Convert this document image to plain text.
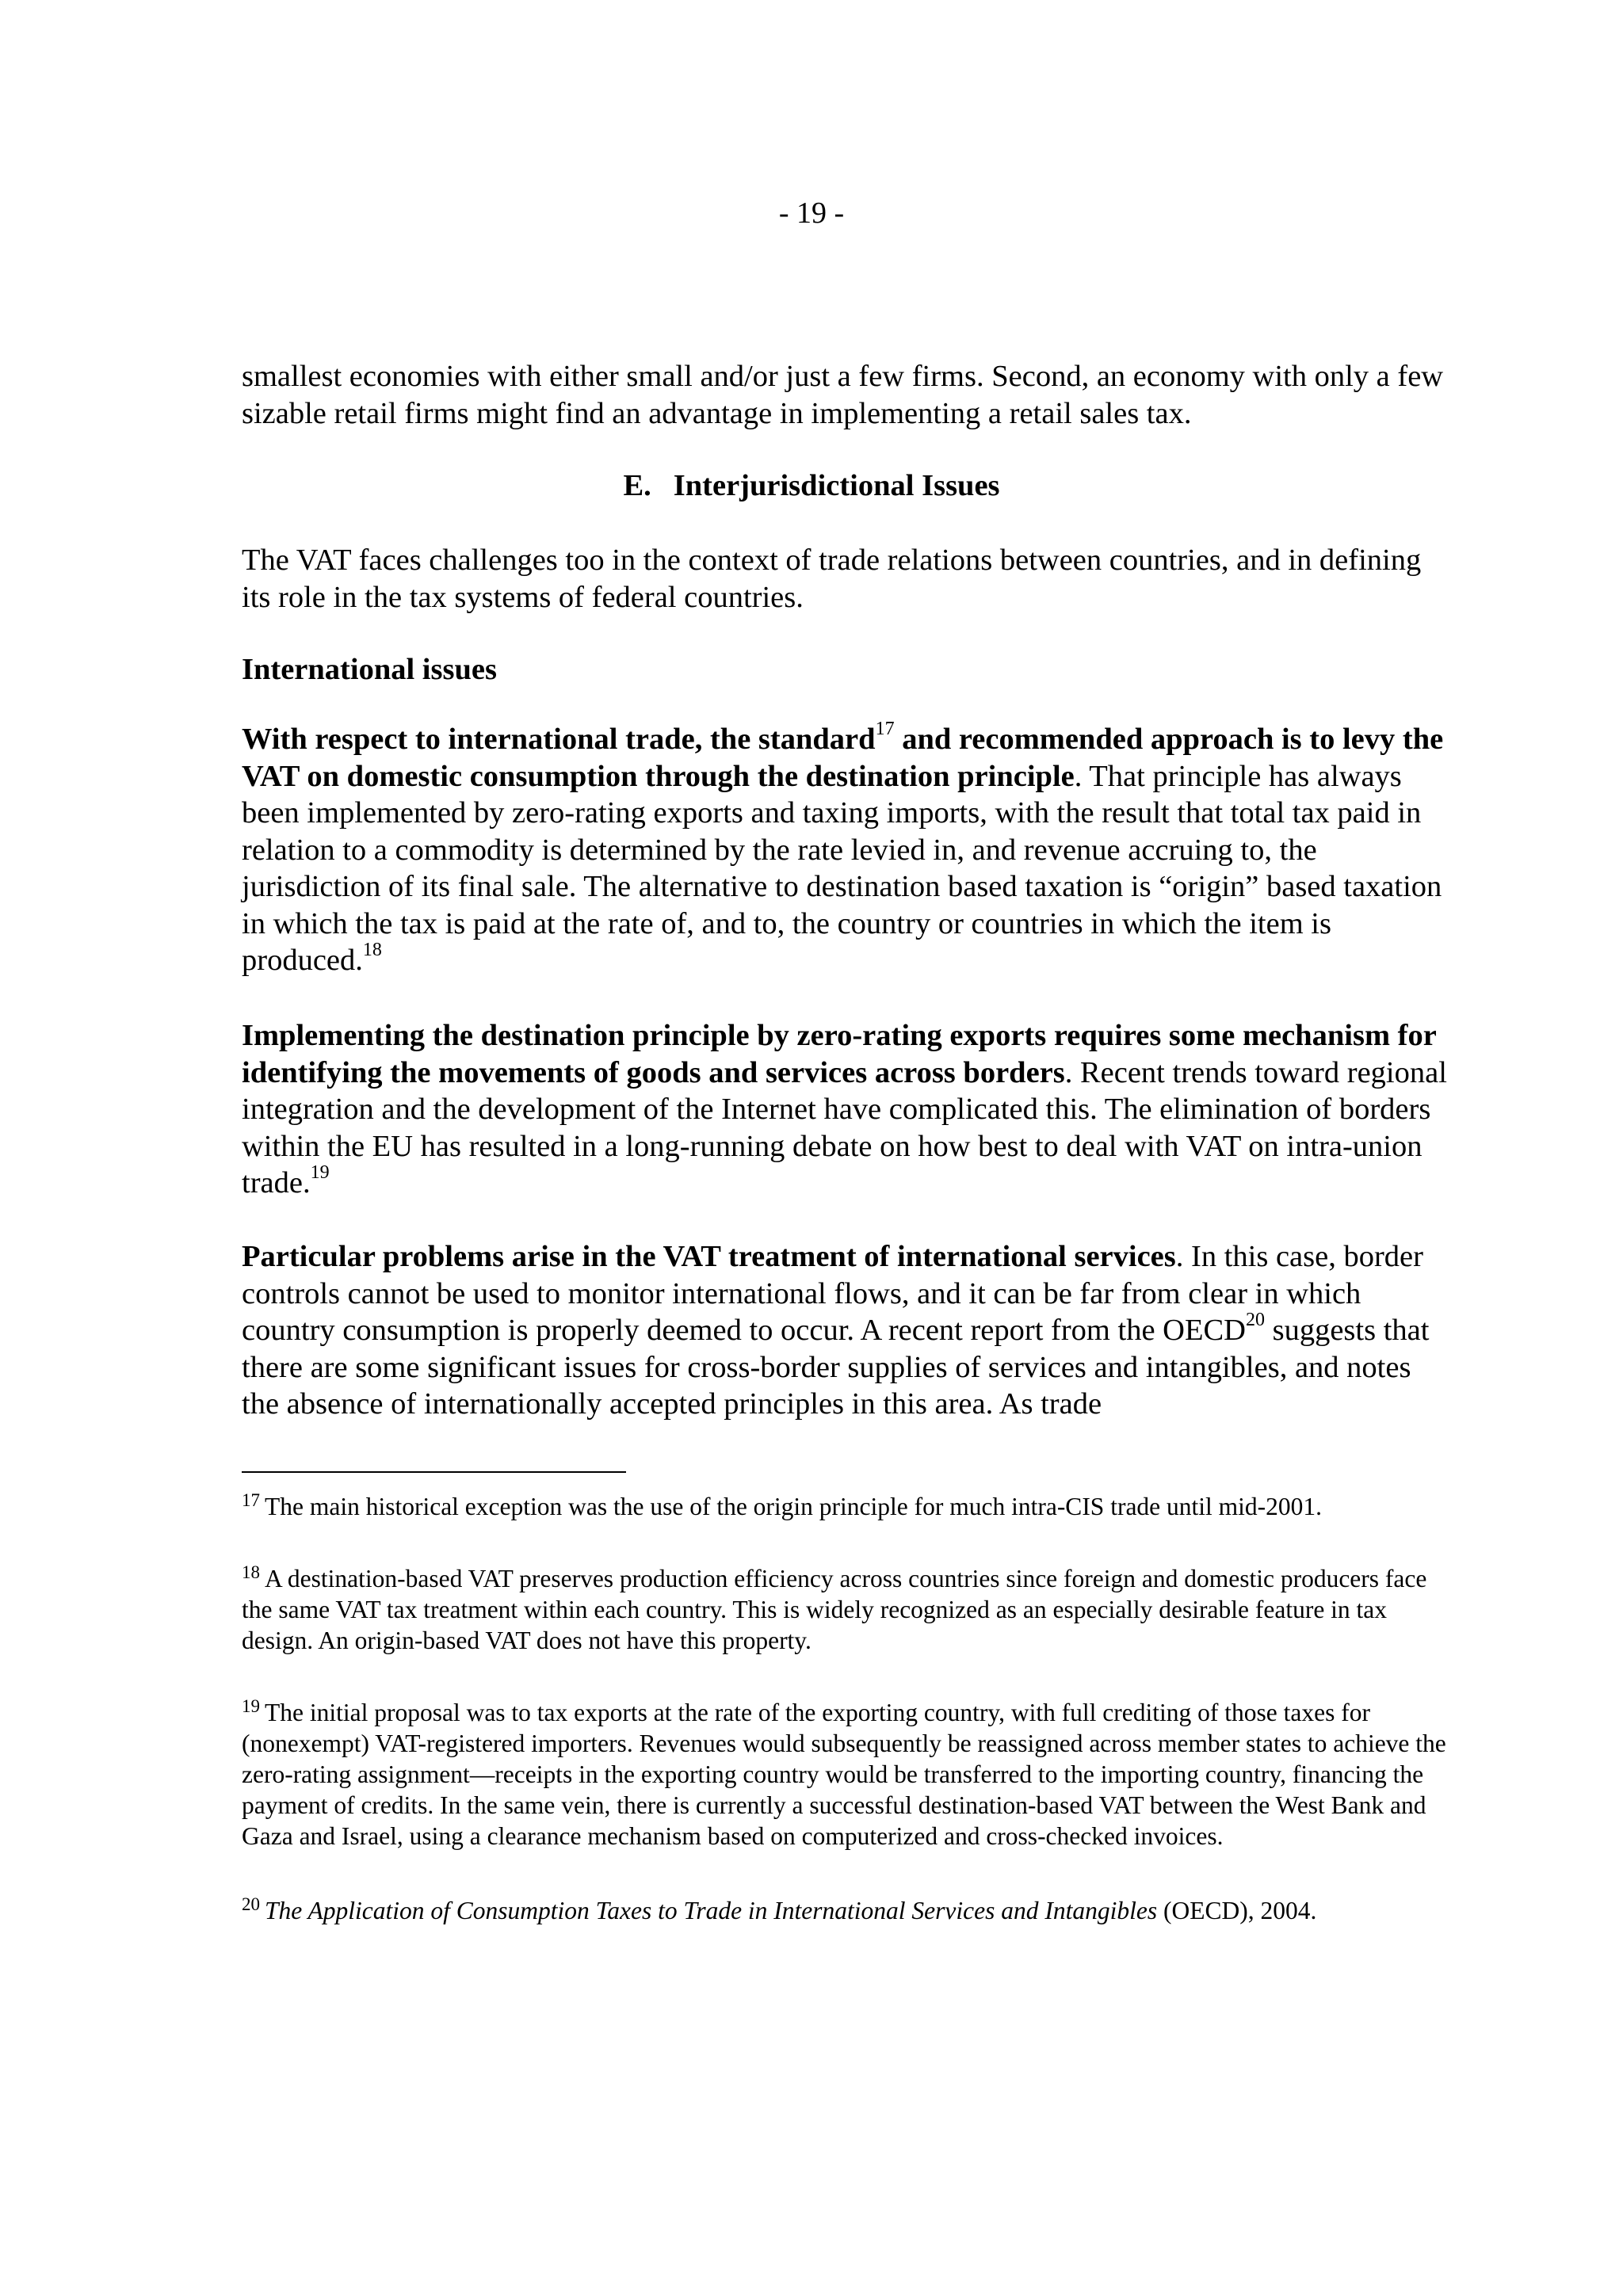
- 19 -

smallest economies with either small and/or just a few firms. Second, an economy with only a few sizable retail firms might find an advantage in implementing a retail sales tax.

E. Interjurisdictional Issues

The VAT faces challenges too in the context of trade relations between countries, and in defining its role in the tax systems of federal countries.

International issues

With respect to international trade, the standard$^{17}$ and recommended approach is to levy the VAT on domestic consumption through the destination principle. That principle has always been implemented by zero-rating exports and taxing imports, with the result that total tax paid in relation to a commodity is determined by the rate levied in, and revenue accruing to, the jurisdiction of its final sale. The alternative to destination based taxation is “origin” based taxation in which the tax is paid at the rate of, and to, the country or countries in which the item is produced.$^{18}$

Implementing the destination principle by zero-rating exports requires some mechanism for identifying the movements of goods and services across borders. Recent trends toward regional integration and the development of the Internet have complicated this. The elimination of borders within the EU has resulted in a long-running debate on how best to deal with VAT on intra-union trade.$^{19}$

Particular problems arise in the VAT treatment of international services. In this case, border controls cannot be used to monitor international flows, and it can be far from clear in which country consumption is properly deemed to occur. A recent report from the OECD$^{20}$ suggests that there are some significant issues for cross-border supplies of services and intangibles, and notes the absence of internationally accepted principles in this area. As trade

$^{17}$ The main historical exception was the use of the origin principle for much intra-CIS trade until mid-2001.

$^{18}$ A destination-based VAT preserves production efficiency across countries since foreign and domestic producers face the same VAT tax treatment within each country. This is widely recognized as an especially desirable feature in tax design. An origin-based VAT does not have this property.

$^{19}$ The initial proposal was to tax exports at the rate of the exporting country, with full crediting of those taxes for (nonexempt) VAT-registered importers. Revenues would subsequently be reassigned across member states to achieve the zero-rating assignment—receipts in the exporting country would be transferred to the importing country, financing the payment of credits. In the same vein, there is currently a successful destination-based VAT between the West Bank and Gaza and Israel, using a clearance mechanism based on computerized and cross-checked invoices.

$^{20}$ The Application of Consumption Taxes to Trade in International Services and Intangibles (OECD), 2004.
